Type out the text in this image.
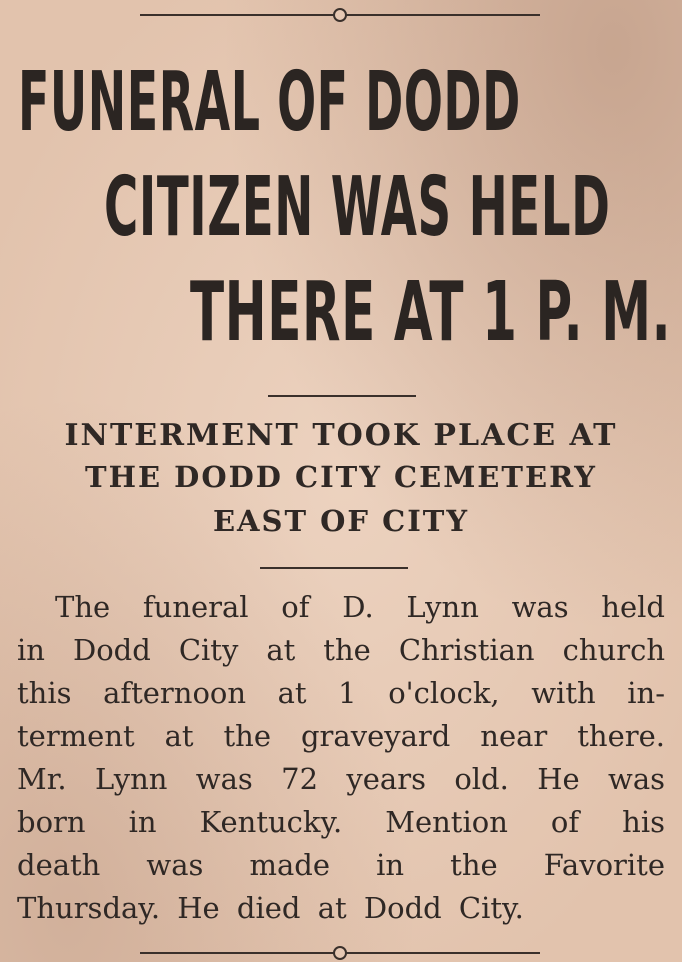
FUNERAL OF DODD
CITIZEN WAS HELD
THERE AT 1 P. M.
INTERMENT TOOK PLACE AT
THE DODD CITY CEMETERY
EAST OF CITY
The funeral of D. Lynn was held
in Dodd City at the Christian church
this afternoon at 1 o'clock, with in-
terment at the graveyard near there.
Mr. Lynn was 72 years old. He was
born in Kentucky. Mention of his
death was made in the Favorite
Thursday. He died at Dodd City.
